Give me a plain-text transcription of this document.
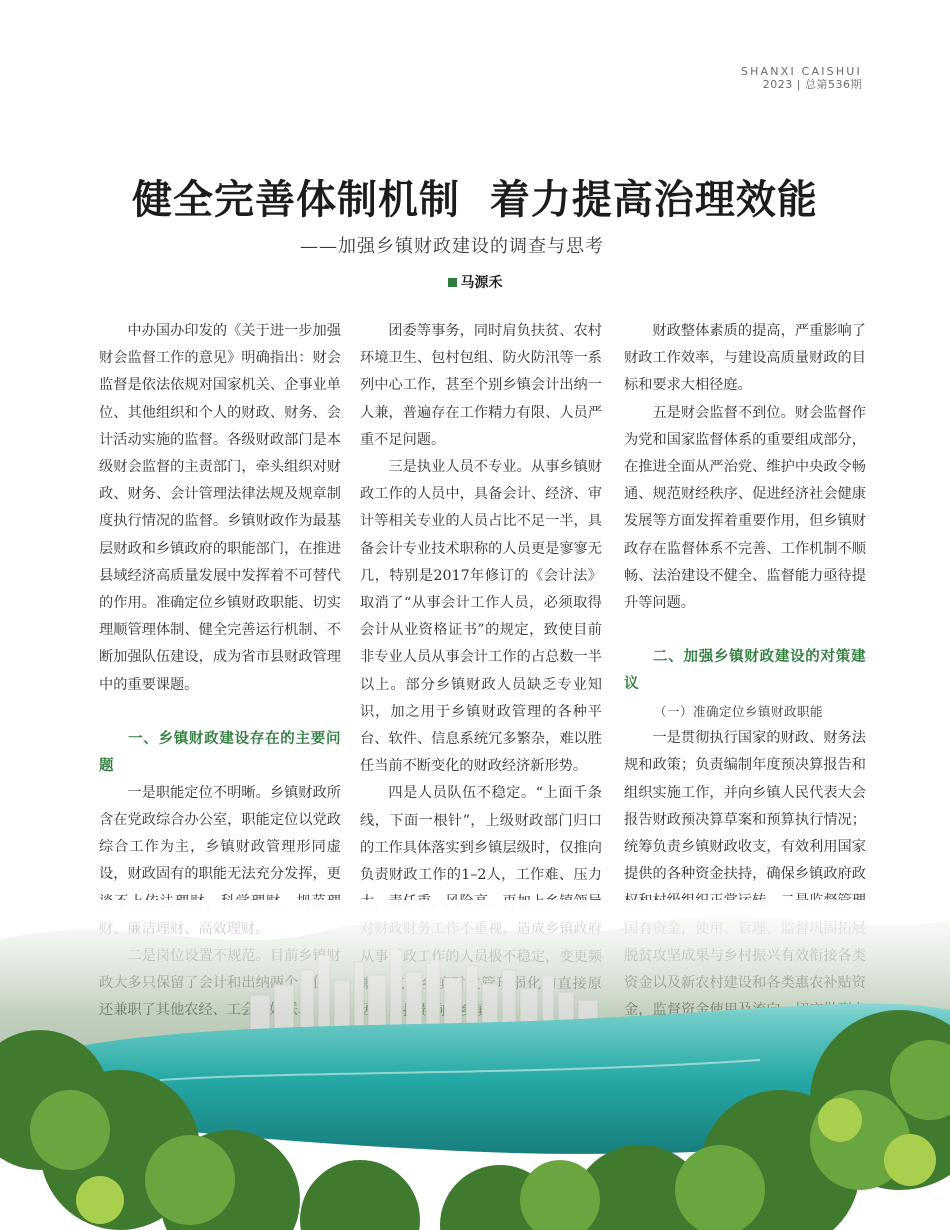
SHANXI CAISHUI
2023 | 总第536期
健全完善体制机制  着力提高治理效能
——加强乡镇财政建设的调查与思考
马源禾

中办国办印发的《关于进一步加强财会监督工作的意见》明确指出：财会监督是依法依规对国家机关、企事业单位、其他组织和个人的财政、财务、会计活动实施的监督。各级财政部门是本级财会监督的主责部门，牵头组织对财政、财务、会计管理法律法规及规章制度执行情况的监督。乡镇财政作为最基层财政和乡镇政府的职能部门，在推进县域经济高质量发展中发挥着不可替代的作用。准确定位乡镇财政职能、切实理顺管理体制、健全完善运行机制、不断加强队伍建设，成为省市县财政管理中的重要课题。

一、乡镇财政建设存在的主要问题

一是职能定位不明晰。乡镇财政所含在党政综合办公室，职能定位以党政综合工作为主，乡镇财政管理形同虚设，财政固有的职能无法充分发挥，更

团委等事务，同时肩负扶贫、农村环境卫生、包村包组、防火防汛等一系列中心工作，甚至个别乡镇会计出纳一人兼，普遍存在工作精力有限、人员严重不足问题。

三是执业人员不专业。从事乡镇财政工作的人员中，具备会计、经济、审计等相关专业的人员占比不足一半，具备会计专业技术职称的人员更是寥寥无几，特别是2017年修订的《会计法》取消了“从事会计工作人员，必须取得会计从业资格证书”的规定，致使目前非专业人员从事会计工作的占总数一半以上。部分乡镇财政人员缺乏专业知识，加之用于乡镇财政管理的各种平台、软件、信息系统冗多繁杂，难以胜任当前不断变化的财政经济新形势。

四是人员队伍不稳定。“上面千条线，下面一根针”，上级财政部门归口的工作具体落实到乡镇层级时，仅推向负责财政工作的1–2人，工作难、压力

财政整体素质的提高，严重影响了财政工作效率，与建设高质量财政的目标和要求大相径庭。

五是财会监督不到位。财会监督作为党和国家监督体系的重要组成部分，在推进全面从严治党、维护中央政令畅通、规范财经秩序、促进经济社会健康发展等方面发挥着重要作用，但乡镇财政存在监督体系不完善、工作机制不顺畅、法治建设不健全、监督能力亟待提升等问题。

二、加强乡镇财政建设的对策建议
（一）准确定位乡镇财政职能

一是贯彻执行国家的财政、财务法规和政策；负责编制年度预决算报告和组织实施工作，并向乡镇人民代表大会报告财政预决算草案和预算执行情况；统筹负责乡镇财政收支，有效利用国家提供的各种资金扶持，确保乡镇政府政
